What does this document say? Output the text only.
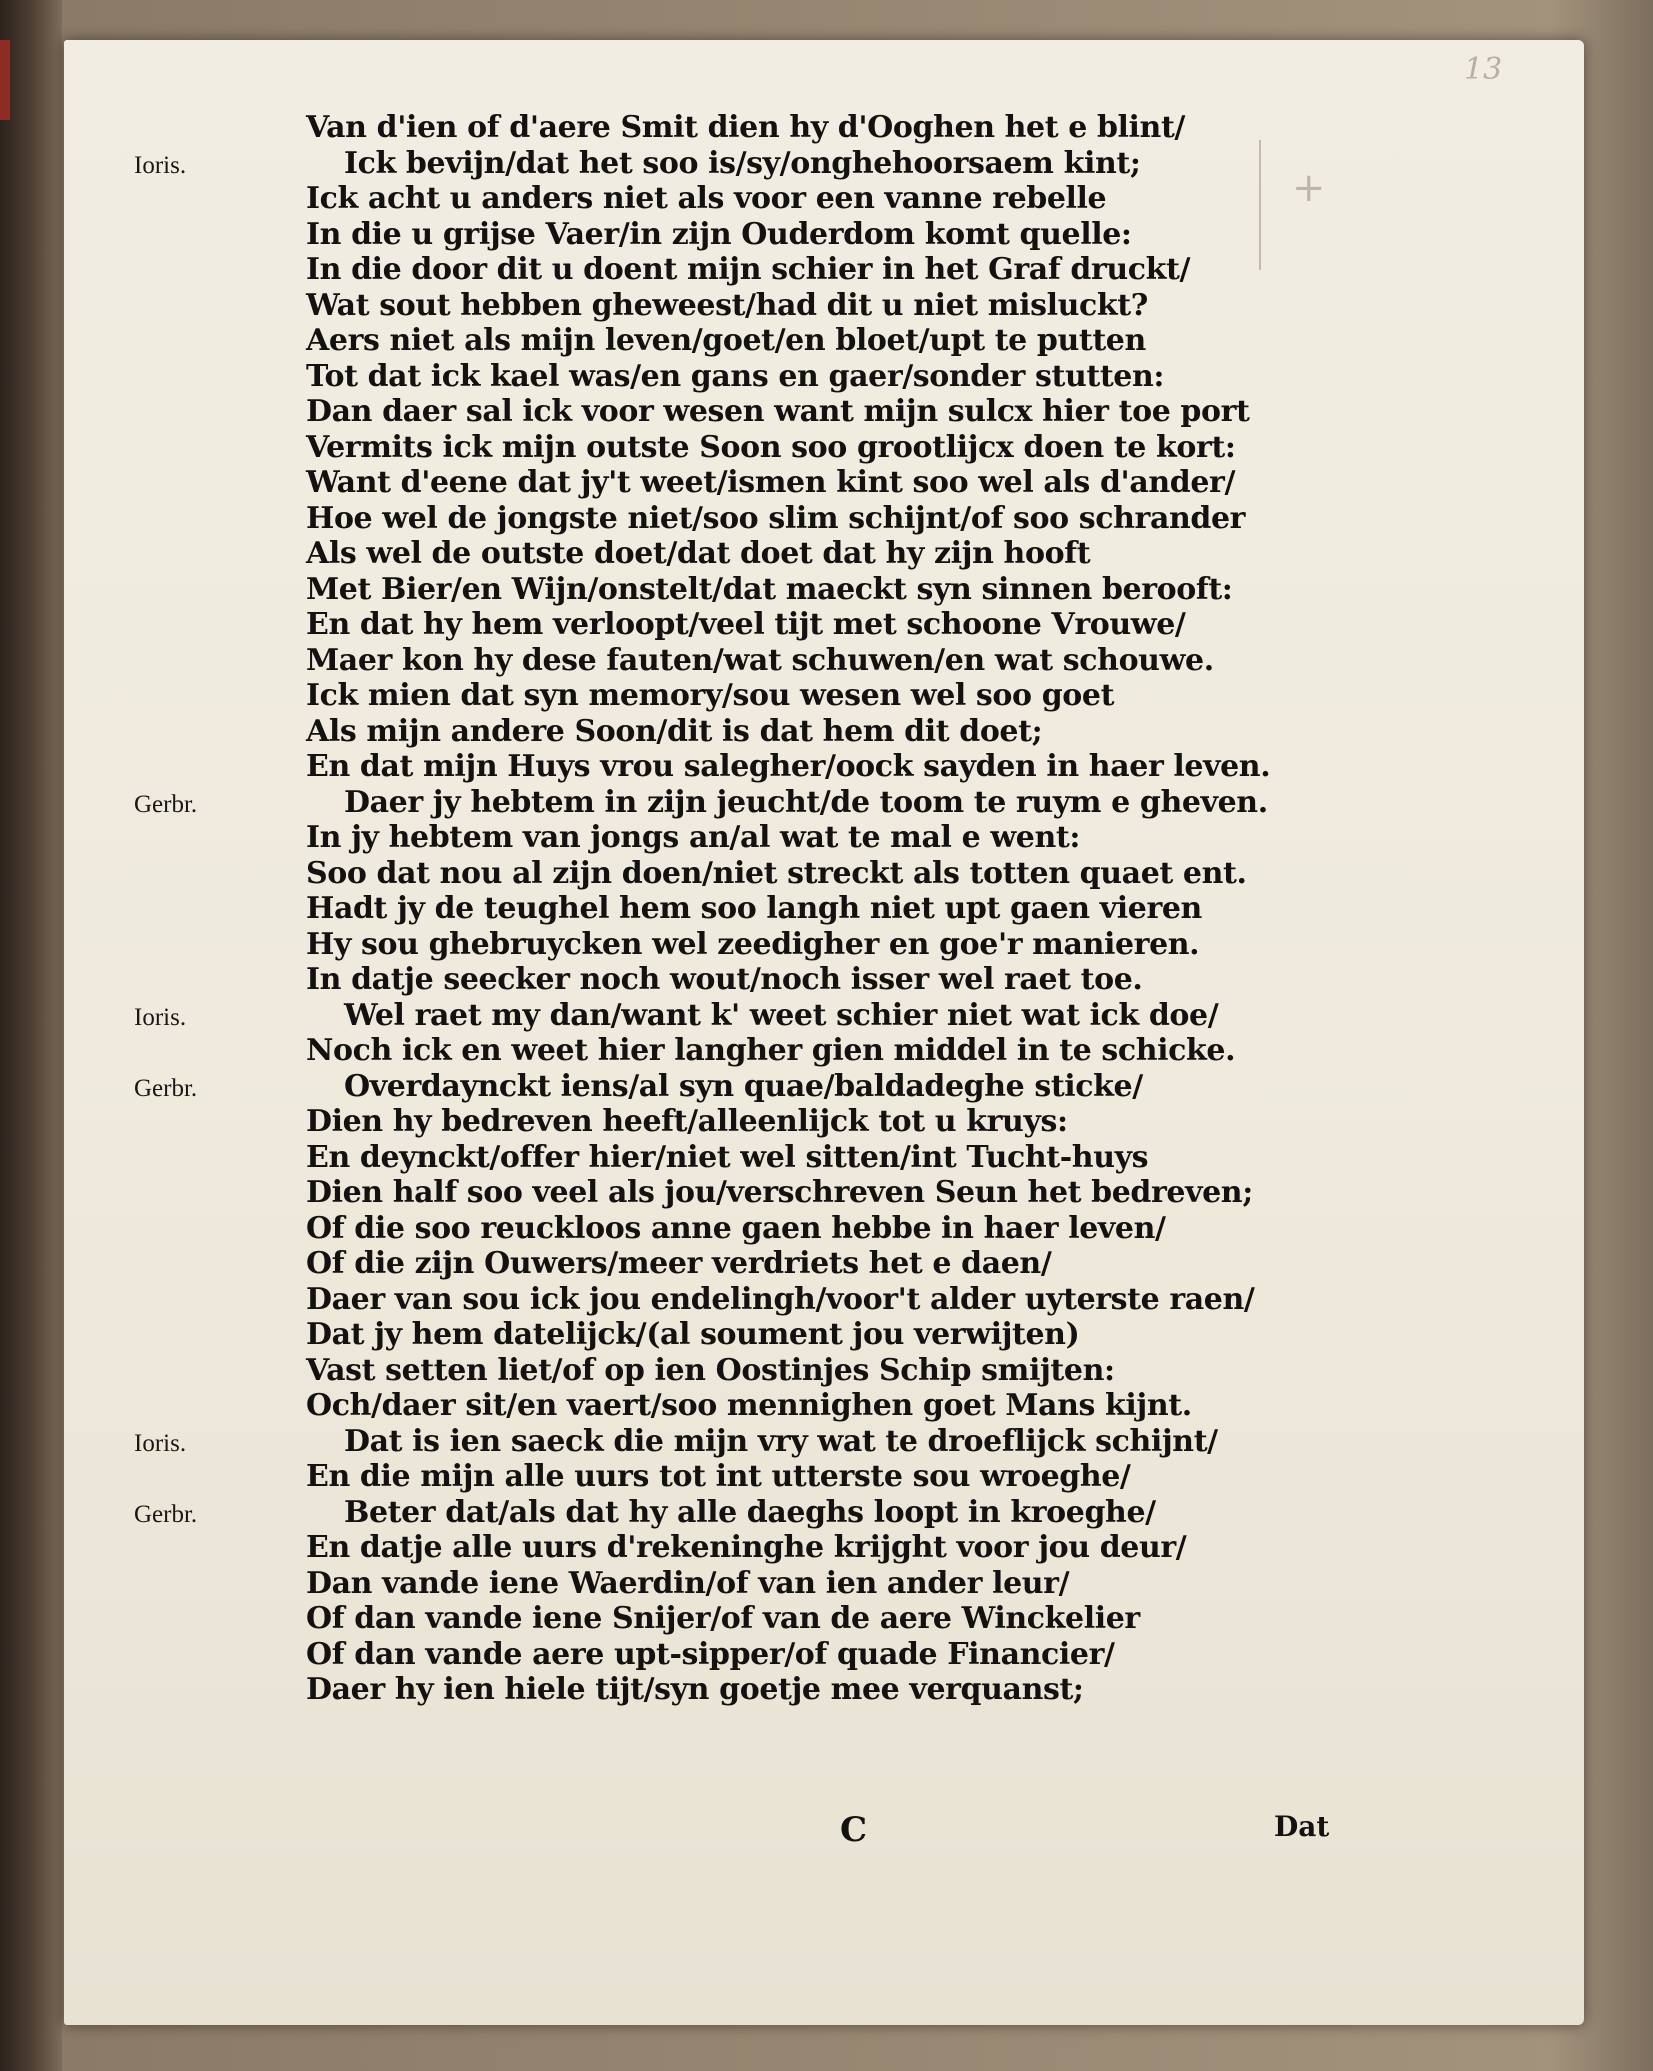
13
+
Van d'ien of d'aere Smit dien hy d'Ooghen het e blint/
Ioris.	Ick bevijn/dat het soo is/sy/onghehoorsaem kint;
Ick acht u anders niet als voor een vanne rebelle
In die u grijse Vaer/in zijn Ouderdom komt quelle:
In die door dit u doent mijn schier in het Graf druckt/
Wat sout hebben gheweest/had dit u niet misluckt?
Aers niet als mijn leven/goet/en bloet/upt te putten
Tot dat ick kael was/en gans en gaer/sonder stutten:
Dan daer sal ick voor wesen want mijn sulcx hier toe port
Vermits ick mijn outste Soon soo grootlijcx doen te kort:
Want d'eene dat jy't weet/ismen kint soo wel als d'ander/
Hoe wel de jongste niet/soo slim schijnt/of soo schrander
Als wel de outste doet/dat doet dat hy zijn hooft
Met Bier/en Wijn/onstelt/dat maeckt syn sinnen berooft:
En dat hy hem verloopt/veel tijt met schoone Vrouwe/
Maer kon hy dese fauten/wat schuwen/en wat schouwe.
Ick mien dat syn memory/sou wesen wel soo goet
Als mijn andere Soon/dit is dat hem dit doet;
En dat mijn Huys vrou salegher/oock sayden in haer leven.
Gerbr.	Daer jy hebtem in zijn jeucht/de toom te ruym e gheven.
In jy hebtem van jongs an/al wat te mal e went:
Soo dat nou al zijn doen/niet streckt als totten quaet ent.
Hadt jy de teughel hem soo langh niet upt gaen vieren
Hy sou ghebruycken wel zeedigher en goe'r manieren.
In datje seecker noch wout/noch isser wel raet toe.
Ioris.	Wel raet my dan/want k' weet schier niet wat ick doe/
Noch ick en weet hier langher gien middel in te schicke.
Gerbr.	Overdaynckt iens/al syn quae/baldadeghe sticke/
Dien hy bedreven heeft/alleenlijck tot u kruys:
En deynckt/offer hier/niet wel sitten/int Tucht-huys
Dien half soo veel als jou/verschreven Seun het bedreven;
Of die soo reuckloos anne gaen hebbe in haer leven/
Of die zijn Ouwers/meer verdriets het e daen/
Daer van sou ick jou endelingh/voor't alder uyterste raen/
Dat jy hem datelijck/(al soument jou verwijten)
Vast setten liet/of op ien Oostinjes Schip smijten:
Och/daer sit/en vaert/soo mennighen goet Mans kijnt.
Ioris.	Dat is ien saeck die mijn vry wat te droeflijck schijnt/
En die mijn alle uurs tot int utterste sou wroeghe/
Gerbr.	Beter dat/als dat hy alle daeghs loopt in kroeghe/
En datje alle uurs d'rekeninghe krijght voor jou deur/
Dan vande iene Waerdin/of van ien ander leur/
Of dan vande iene Snijer/of van de aere Winckelier
Of dan vande aere upt-sipper/of quade Financier/
Daer hy ien hiele tijt/syn goetje mee verquanst;
C	Dat
